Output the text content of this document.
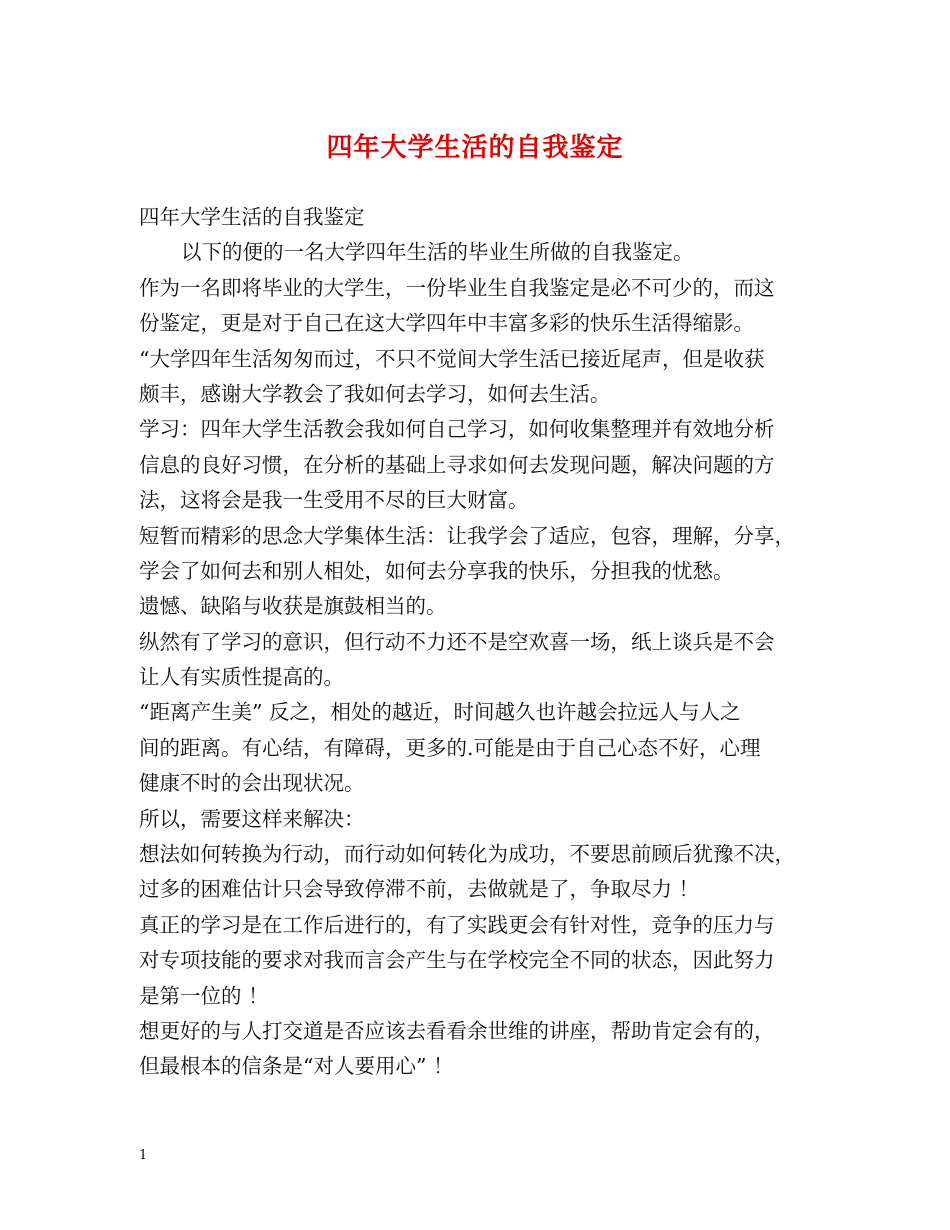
四年大学生活的自我鉴定
四年大学生活的自我鉴定
以下的便的一名大学四年生活的毕业生所做的自我鉴定。
作为一名即将毕业的大学生，一份毕业生自我鉴定是必不可少的，而这
份鉴定，更是对于自己在这大学四年中丰富多彩的快乐生活得缩影。
“大学四年生活匆匆而过，不只不觉间大学生活已接近尾声，但是收获
颇丰，感谢大学教会了我如何去学习，如何去生活。
学习：四年大学生活教会我如何自己学习，如何收集整理并有效地分析
信息的良好习惯，在分析的基础上寻求如何去发现问题，解决问题的方
法，这将会是我一生受用不尽的巨大财富。
短暂而精彩的思念大学集体生活：让我学会了适应，包容，理解，分享，
学会了如何去和别人相处，如何去分享我的快乐，分担我的忧愁。
遗憾、缺陷与收获是旗鼓相当的。
纵然有了学习的意识，但行动不力还不是空欢喜一场，纸上谈兵是不会
让人有实质性提高的。
“距离产生美” 反之，相处的越近，时间越久也许越会拉远人与人之
间的距离。有心结，有障碍，更多的.可能是由于自己心态不好，心理
健康不时的会出现状况。
所以，需要这样来解决：
想法如何转换为行动，而行动如何转化为成功，不要思前顾后犹豫不决，
过多的困难估计只会导致停滞不前，去做就是了，争取尽力 ！
真正的学习是在工作后进行的，有了实践更会有针对性，竞争的压力与
对专项技能的要求对我而言会产生与在学校完全不同的状态，因此努力
是第一位的 ！
想更好的与人打交道是否应该去看看余世维的讲座，帮助肯定会有的，
但最根本的信条是“对人要用心” ！
1
